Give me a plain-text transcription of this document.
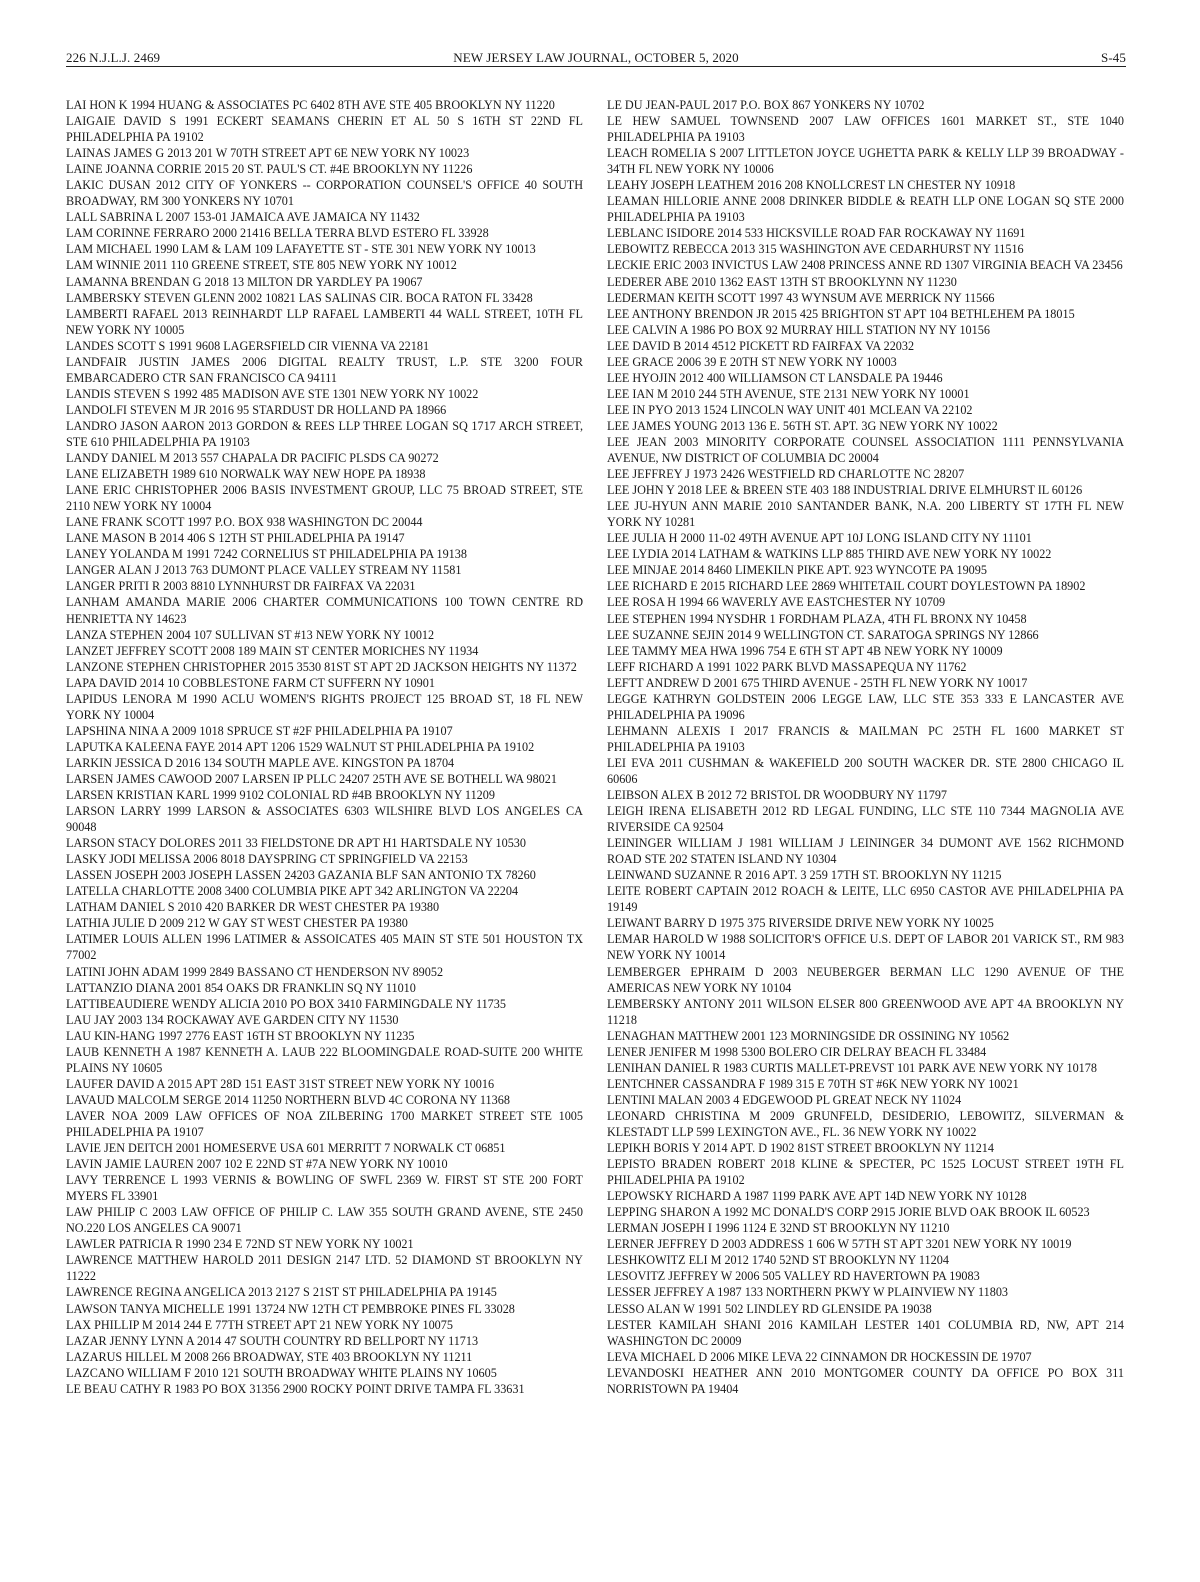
NEW JERSEY LAW JOURNAL, OCTOBER 5, 2020
226 N.J.L.J. 2469	S-45

LAI HON K 1994 HUANG & ASSOCIATES PC 6402 8TH AVE STE 405 BROOKLYN NY 11220

LAIGAIE DAVID S 1991 ECKERT SEAMANS CHERIN ET AL 50 S 16TH ST 22ND FL PHILADELPHIA PA 19102

LAINAS JAMES G 2013 201 W 70TH STREET APT 6E NEW YORK NY 10023

LAINE JOANNA CORRIE 2015 20 ST. PAUL'S CT. #4E BROOKLYN NY 11226

LAKIC DUSAN 2012 CITY OF YONKERS -- CORPORATION COUNSEL'S OFFICE 40 SOUTH BROADWAY, RM 300 YONKERS NY 10701

LALL SABRINA L 2007 153-01 JAMAICA AVE JAMAICA NY 11432

LAM CORINNE FERRARO 2000 21416 BELLA TERRA BLVD ESTERO FL 33928

LAM MICHAEL 1990 LAM & LAM 109 LAFAYETTE ST - STE 301 NEW YORK NY 10013

LAM WINNIE 2011 110 GREENE STREET, STE 805 NEW YORK NY 10012

LAMANNA BRENDAN G 2018 13 MILTON DR YARDLEY PA 19067

LAMBERSKY STEVEN GLENN 2002 10821 LAS SALINAS CIR. BOCA RATON FL 33428

LAMBERTI RAFAEL 2013 REINHARDT LLP RAFAEL LAMBERTI 44 WALL STREET, 10TH FL NEW YORK NY 10005

LANDES SCOTT S 1991 9608 LAGERSFIELD CIR VIENNA VA 22181

LANDFAIR JUSTIN JAMES 2006 DIGITAL REALTY TRUST, L.P. STE 3200 FOUR EMBARCADERO CTR SAN FRANCISCO CA 94111

LANDIS STEVEN S 1992 485 MADISON AVE STE 1301 NEW YORK NY 10022

LANDOLFI STEVEN M JR 2016 95 STARDUST DR HOLLAND PA 18966

LANDRO JASON AARON 2013 GORDON & REES LLP THREE LOGAN SQ 1717 ARCH STREET, STE 610 PHILADELPHIA PA 19103

LANDY DANIEL M 2013 557 CHAPALA DR PACIFIC PLSDS CA 90272

LANE ELIZABETH 1989 610 NORWALK WAY NEW HOPE PA 18938

LANE ERIC CHRISTOPHER 2006 BASIS INVESTMENT GROUP, LLC 75 BROAD STREET, STE 2110 NEW YORK NY 10004

LANE FRANK SCOTT 1997 P.O. BOX 938 WASHINGTON DC 20044

LANE MASON B 2014 406 S 12TH ST PHILADELPHIA PA 19147

LANEY YOLANDA M 1991 7242 CORNELIUS ST PHILADELPHIA PA 19138

LANGER ALAN J 2013 763 DUMONT PLACE VALLEY STREAM NY 11581

LANGER PRITI R 2003 8810 LYNNHURST DR FAIRFAX VA 22031

LANHAM AMANDA MARIE 2006 CHARTER COMMUNICATIONS 100 TOWN CENTRE RD HENRIETTA NY 14623

LANZA STEPHEN 2004 107 SULLIVAN ST #13 NEW YORK NY 10012

LANZET JEFFREY SCOTT 2008 189 MAIN ST CENTER MORICHES NY 11934

LANZONE STEPHEN CHRISTOPHER 2015 3530 81ST ST APT 2D JACKSON HEIGHTS NY 11372

LAPA DAVID 2014 10 COBBLESTONE FARM CT SUFFERN NY 10901

LAPIDUS LENORA M 1990 ACLU WOMEN'S RIGHTS PROJECT 125 BROAD ST, 18 FL NEW YORK NY 10004

LAPSHINA NINA A 2009 1018 SPRUCE ST #2F PHILADELPHIA PA 19107

LAPUTKA KALEENA FAYE 2014 APT 1206 1529 WALNUT ST PHILADELPHIA PA 19102

LARKIN JESSICA D 2016 134 SOUTH MAPLE AVE. KINGSTON PA 18704

LARSEN JAMES CAWOOD 2007 LARSEN IP PLLC 24207 25TH AVE SE BOTHELL WA 98021

LARSEN KRISTIAN KARL 1999 9102 COLONIAL RD #4B BROOKLYN NY 11209

LARSON LARRY 1999 LARSON & ASSOCIATES 6303 WILSHIRE BLVD LOS ANGELES CA 90048

LARSON STACY DOLORES 2011 33 FIELDSTONE DR APT H1 HARTSDALE NY 10530

LASKY JODI MELISSA 2006 8018 DAYSPRING CT SPRINGFIELD VA 22153

LASSEN JOSEPH 2003 JOSEPH LASSEN 24203 GAZANIA BLF SAN ANTONIO TX 78260

LATELLA CHARLOTTE 2008 3400 COLUMBIA PIKE APT 342 ARLINGTON VA 22204

LATHAM DANIEL S 2010 420 BARKER DR WEST CHESTER PA 19380

LATHIA JULIE D 2009 212 W GAY ST WEST CHESTER PA 19380

LATIMER LOUIS ALLEN 1996 LATIMER & ASSOICATES 405 MAIN ST STE 501 HOUSTON TX 77002

LATINI JOHN ADAM 1999 2849 BASSANO CT HENDERSON NV 89052

LATTANZIO DIANA 2001 854 OAKS DR FRANKLIN SQ NY 11010

LATTIBEAUDIERE WENDY ALICIA 2010 PO BOX 3410 FARMINGDALE NY 11735

LAU JAY 2003 134 ROCKAWAY AVE GARDEN CITY NY 11530

LAU KIN-HANG 1997 2776 EAST 16TH ST BROOKLYN NY 11235

LAUB KENNETH A 1987 KENNETH A. LAUB 222 BLOOMINGDALE ROAD-SUITE 200 WHITE PLAINS NY 10605

LAUFER DAVID A 2015 APT 28D 151 EAST 31ST STREET NEW YORK NY 10016

LAVAUD MALCOLM SERGE 2014 11250 NORTHERN BLVD 4C CORONA NY 11368

LAVER NOA 2009 LAW OFFICES OF NOA ZILBERING 1700 MARKET STREET STE 1005 PHILADELPHIA PA 19107

LAVIE JEN DEITCH 2001 HOMESERVE USA 601 MERRITT 7 NORWALK CT 06851

LAVIN JAMIE LAUREN 2007 102 E 22ND ST #7A NEW YORK NY 10010

LAVY TERRENCE L 1993 VERNIS & BOWLING OF SWFL 2369 W. FIRST ST STE 200 FORT MYERS FL 33901

LAW PHILIP C 2003 LAW OFFICE OF PHILIP C. LAW 355 SOUTH GRAND AVENE, STE 2450 NO.220 LOS ANGELES CA 90071

LAWLER PATRICIA R 1990 234 E 72ND ST NEW YORK NY 10021

LAWRENCE MATTHEW HAROLD 2011 DESIGN 2147 LTD. 52 DIAMOND ST BROOKLYN NY 11222

LAWRENCE REGINA ANGELICA 2013 2127 S 21ST ST PHILADELPHIA PA 19145

LAWSON TANYA MICHELLE 1991 13724 NW 12TH CT PEMBROKE PINES FL 33028

LAX PHILLIP M 2014 244 E 77TH STREET APT 21 NEW YORK NY 10075

LAZAR JENNY LYNN A 2014 47 SOUTH COUNTRY RD BELLPORT NY 11713

LAZARUS HILLEL M 2008 266 BROADWAY, STE 403 BROOKLYN NY 11211

LAZCANO WILLIAM F 2010 121 SOUTH BROADWAY WHITE PLAINS NY 10605

LE BEAU CATHY R 1983 PO BOX 31356 2900 ROCKY POINT DRIVE TAMPA FL 33631

LE DU JEAN-PAUL 2017 P.O. BOX 867 YONKERS NY 10702

LE HEW SAMUEL TOWNSEND 2007 LAW OFFICES 1601 MARKET ST., STE 1040 PHILADELPHIA PA 19103

LEACH ROMELIA S 2007 LITTLETON JOYCE UGHETTA PARK & KELLY LLP 39 BROADWAY - 34TH FL NEW YORK NY 10006

LEAHY JOSEPH LEATHEM 2016 208 KNOLLCREST LN CHESTER NY 10918

LEAMAN HILLORIE ANNE 2008 DRINKER BIDDLE & REATH LLP ONE LOGAN SQ STE 2000 PHILADELPHIA PA 19103

LEBLANC ISIDORE 2014 533 HICKSVILLE ROAD FAR ROCKAWAY NY 11691

LEBOWITZ REBECCA 2013 315 WASHINGTON AVE CEDARHURST NY 11516

LECKIE ERIC 2003 INVICTUS LAW 2408 PRINCESS ANNE RD 1307 VIRGINIA BEACH VA 23456

LEDERER ABE 2010 1362 EAST 13TH ST BROOKLYNN NY 11230

LEDERMAN KEITH SCOTT 1997 43 WYNSUM AVE MERRICK NY 11566

LEE ANTHONY BRENDON JR 2015 425 BRIGHTON ST APT 104 BETHLEHEM PA 18015

LEE CALVIN A 1986 PO BOX 92 MURRAY HILL STATION NY NY 10156

LEE DAVID B 2014 4512 PICKETT RD FAIRFAX VA 22032

LEE GRACE 2006 39 E 20TH ST NEW YORK NY 10003

LEE HYOJIN 2012 400 WILLIAMSON CT LANSDALE PA 19446

LEE IAN M 2010 244 5TH AVENUE, STE 2131 NEW YORK NY 10001

LEE IN PYO 2013 1524 LINCOLN WAY UNIT 401 MCLEAN VA 22102

LEE JAMES YOUNG 2013 136 E. 56TH ST. APT. 3G NEW YORK NY 10022

LEE JEAN 2003 MINORITY CORPORATE COUNSEL ASSOCIATION 1111 PENNSYLVANIA AVENUE, NW DISTRICT OF COLUMBIA DC 20004

LEE JEFFREY J 1973 2426 WESTFIELD RD CHARLOTTE NC 28207

LEE JOHN Y 2018 LEE & BREEN STE 403 188 INDUSTRIAL DRIVE ELMHURST IL 60126

LEE JU-HYUN ANN MARIE 2010 SANTANDER BANK, N.A. 200 LIBERTY ST 17TH FL NEW YORK NY 10281

LEE JULIA H 2000 11-02 49TH AVENUE APT 10J LONG ISLAND CITY NY 11101

LEE LYDIA 2014 LATHAM & WATKINS LLP 885 THIRD AVE NEW YORK NY 10022

LEE MINJAE 2014 8460 LIMEKILN PIKE APT. 923 WYNCOTE PA 19095

LEE RICHARD E 2015 RICHARD LEE 2869 WHITETAIL COURT DOYLESTOWN PA 18902

LEE ROSA H 1994 66 WAVERLY AVE EASTCHESTER NY 10709

LEE STEPHEN 1994 NYSDHR 1 FORDHAM PLAZA, 4TH FL BRONX NY 10458

LEE SUZANNE SEJIN 2014 9 WELLINGTON CT. SARATOGA SPRINGS NY 12866

LEE TAMMY MEA HWA 1996 754 E 6TH ST APT 4B NEW YORK NY 10009

LEFF RICHARD A 1991 1022 PARK BLVD MASSAPEQUA NY 11762

LEFTT ANDREW D 2001 675 THIRD AVENUE - 25TH FL NEW YORK NY 10017

LEGGE KATHRYN GOLDSTEIN 2006 LEGGE LAW, LLC STE 353 333 E LANCASTER AVE PHILADELPHIA PA 19096

LEHMANN ALEXIS I 2017 FRANCIS & MAILMAN PC 25TH FL 1600 MARKET ST PHILADELPHIA PA 19103

LEI EVA 2011 CUSHMAN & WAKEFIELD 200 SOUTH WACKER DR. STE 2800 CHICAGO IL 60606

LEIBSON ALEX B 2012 72 BRISTOL DR WOODBURY NY 11797

LEIGH IRENA ELISABETH 2012 RD LEGAL FUNDING, LLC STE 110 7344 MAGNOLIA AVE RIVERSIDE CA 92504

LEININGER WILLIAM J 1981 WILLIAM J LEININGER 34 DUMONT AVE 1562 RICHMOND ROAD STE 202 STATEN ISLAND NY 10304

LEINWAND SUZANNE R 2016 APT. 3 259 17TH ST. BROOKLYN NY 11215

LEITE ROBERT CAPTAIN 2012 ROACH & LEITE, LLC 6950 CASTOR AVE PHILADELPHIA PA 19149

LEIWANT BARRY D 1975 375 RIVERSIDE DRIVE NEW YORK NY 10025

LEMAR HAROLD W 1988 SOLICITOR'S OFFICE U.S. DEPT OF LABOR 201 VARICK ST., RM 983 NEW YORK NY 10014

LEMBERGER EPHRAIM D 2003 NEUBERGER BERMAN LLC 1290 AVENUE OF THE AMERICAS NEW YORK NY 10104

LEMBERSKY ANTONY 2011 WILSON ELSER 800 GREENWOOD AVE APT 4A BROOKLYN NY 11218

LENAGHAN MATTHEW 2001 123 MORNINGSIDE DR OSSINING NY 10562

LENER JENIFER M 1998 5300 BOLERO CIR DELRAY BEACH FL 33484

LENIHAN DANIEL R 1983 CURTIS MALLET-PREVST 101 PARK AVE NEW YORK NY 10178

LENTCHNER CASSANDRA F 1989 315 E 70TH ST #6K NEW YORK NY 10021

LENTINI MALAN 2003 4 EDGEWOOD PL GREAT NECK NY 11024

LEONARD CHRISTINA M 2009 GRUNFELD, DESIDERIO, LEBOWITZ, SILVERMAN & KLESTADT LLP 599 LEXINGTON AVE., FL. 36 NEW YORK NY 10022

LEPIKH BORIS Y 2014 APT. D 1902 81ST STREET BROOKLYN NY 11214

LEPISTO BRADEN ROBERT 2018 KLINE & SPECTER, PC 1525 LOCUST STREET 19TH FL PHILADELPHIA PA 19102

LEPOWSKY RICHARD A 1987 1199 PARK AVE APT 14D NEW YORK NY 10128

LEPPING SHARON A 1992 MC DONALD'S CORP 2915 JORIE BLVD OAK BROOK IL 60523

LERMAN JOSEPH I 1996 1124 E 32ND ST BROOKLYN NY 11210

LERNER JEFFREY D 2003 ADDRESS 1 606 W 57TH ST APT 3201 NEW YORK NY 10019

LESHKOWITZ ELI M 2012 1740 52ND ST BROOKLYN NY 11204

LESOVITZ JEFFREY W 2006 505 VALLEY RD HAVERTOWN PA 19083

LESSER JEFFREY A 1987 133 NORTHERN PKWY W PLAINVIEW NY 11803

LESSO ALAN W 1991 502 LINDLEY RD GLENSIDE PA 19038

LESTER KAMILAH SHANI 2016 KAMILAH LESTER 1401 COLUMBIA RD, NW, APT 214 WASHINGTON DC 20009

LEVA MICHAEL D 2006 MIKE LEVA 22 CINNAMON DR HOCKESSIN DE 19707

LEVANDOSKI HEATHER ANN 2010 MONTGOMER COUNTY DA OFFICE PO BOX 311 NORRISTOWN PA 19404
